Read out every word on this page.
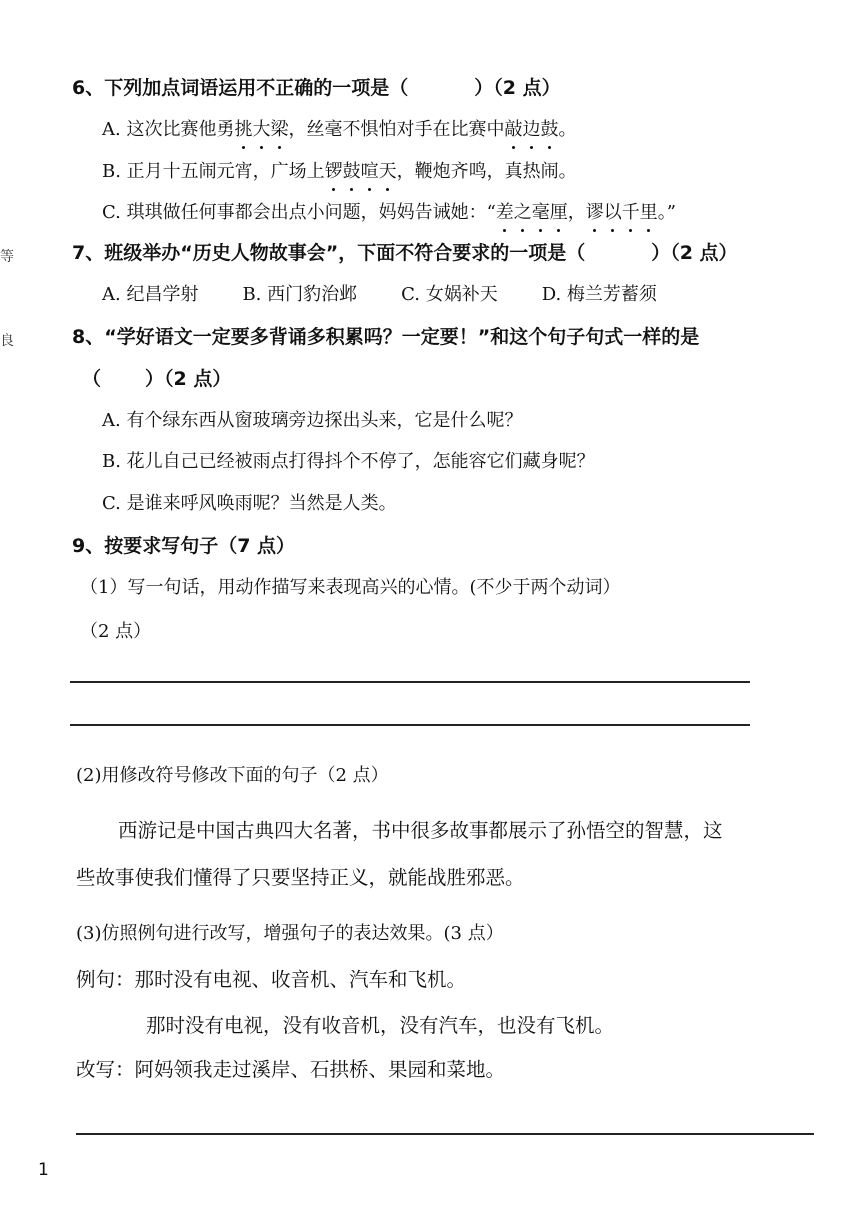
等
良
6、下列加点词语运用不正确的一项是（	）（2 点）
A. 这次比赛他勇挑大梁，丝毫不惧怕对手在比赛中敲边鼓。
B. 正月十五闹元宵，广场上锣鼓喧天，鞭炮齐鸣，真热闹。
C. 琪琪做任何事都会出点小问题，妈妈告诫她：“差之毫厘，谬以千里。”
7、班级举办“历史人物故事会”，下面不符合要求的一项是（	）（2 点）
A. 纪昌学射 B. 西门豹治邺 C. 女娲补天 D. 梅兰芳蓄须
8、“学好语文一定要多背诵多积累吗？一定要！”和这个句子句式一样的是
（ ）（2 点）
A. 有个绿东西从窗玻璃旁边探出头来，它是什么呢？
B. 花儿自己已经被雨点打得抖个不停了，怎能容它们藏身呢？
C. 是谁来呼风唤雨呢？当然是人类。
9、按要求写句子（7 点）
（1）写一句话，用动作描写来表现高兴的心情。(不少于两个动词）
（2 点）
(2)用修改符号修改下面的句子（2 点）
西游记是中国古典四大名著，书中很多故事都展示了孙悟空的智慧，这
些故事使我们懂得了只要坚持正义，就能战胜邪恶。
(3)仿照例句进行改写，增强句子的表达效果。(3 点）
例句：那时没有电视、收音机、汽车和飞机。
那时没有电视，没有收音机，没有汽车，也没有飞机。
改写：阿妈领我走过溪岸、石拱桥、果园和菜地。
1
